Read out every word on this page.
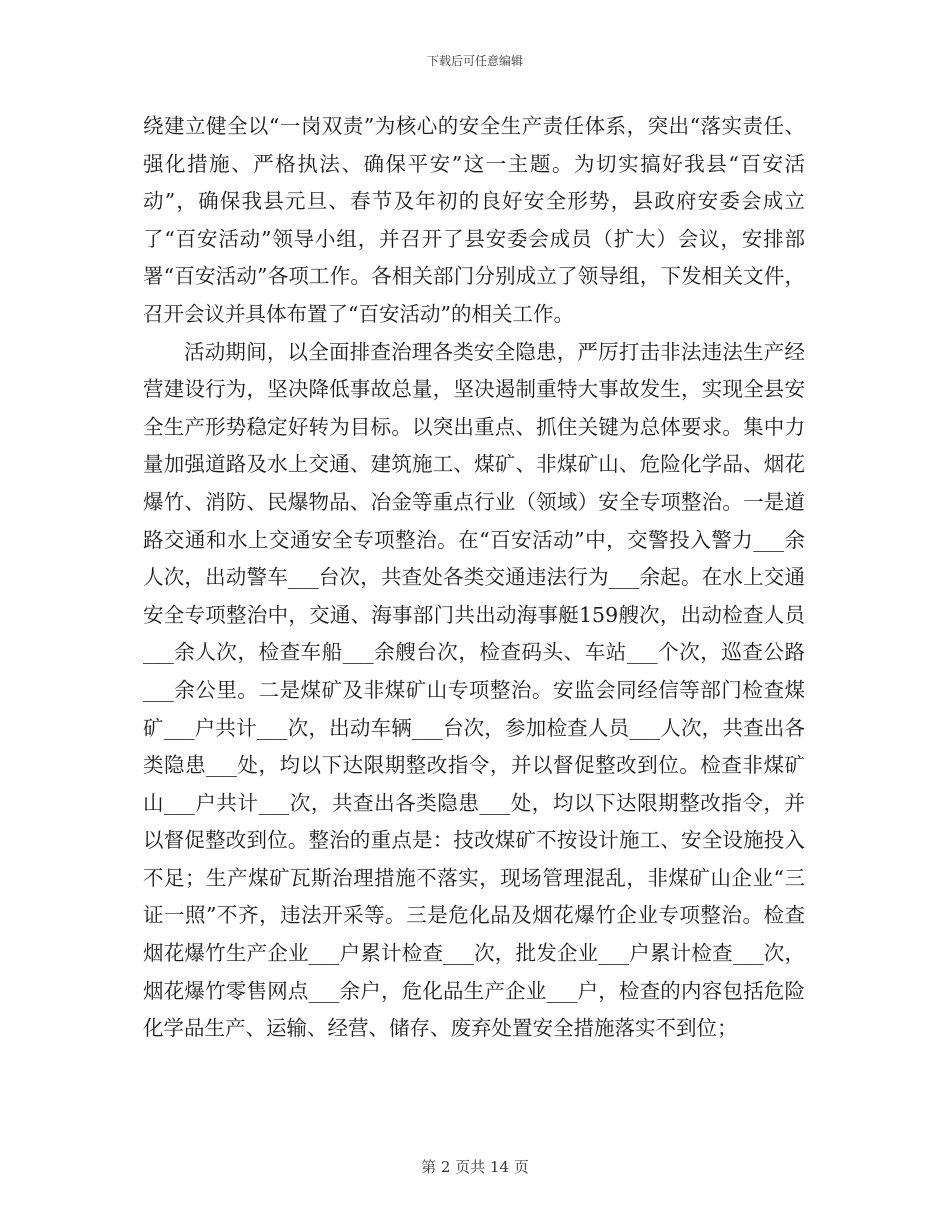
下载后可任意编辑

绕建立健全以“一岗双责”为核心的安全生产责任体系，突出“落实责任、强化措施、严格执法、确保平安”这一主题。为切实搞好我县“百安活动”，确保我县元旦、春节及年初的良好安全形势，县政府安委会成立了“百安活动”领导小组，并召开了县安委会成员（扩大）会议，安排部署“百安活动”各项工作。各相关部门分别成立了领导组，下发相关文件，召开会议并具体布置了“百安活动”的相关工作。

活动期间，以全面排查治理各类安全隐患，严厉打击非法违法生产经营建设行为，坚决降低事故总量，坚决遏制重特大事故发生，实现全县安全生产形势稳定好转为目标。以突出重点、抓住关键为总体要求。集中力量加强道路及水上交通、建筑施工、煤矿、非煤矿山、危险化学品、烟花爆竹、消防、民爆物品、冶金等重点行业（领域）安全专项整治。一是道路交通和水上交通安全专项整治。在“百安活动”中，交警投入警力___余人次，出动警车___台次，共查处各类交通违法行为___余起。在水上交通安全专项整治中，交通、海事部门共出动海事艇159艘次，出动检查人员___余人次，检查车船___余艘台次，检查码头、车站___个次，巡查公路___余公里。二是煤矿及非煤矿山专项整治。安监会同经信等部门检查煤矿___户共计___次，出动车辆___台次，参加检查人员___人次，共查出各类隐患___处，均以下达限期整改指令，并以督促整改到位。检查非煤矿山___户共计___次，共查出各类隐患___处，均以下达限期整改指令，并以督促整改到位。整治的重点是：技改煤矿不按设计施工、安全设施投入不足；生产煤矿瓦斯治理措施不落实，现场管理混乱，非煤矿山企业“三证一照”不齐，违法开采等。三是危化品及烟花爆竹企业专项整治。检查烟花爆竹生产企业___户累计检查___次，批发企业___户累计检查___次，烟花爆竹零售网点___余户，危化品生产企业___户，检查的内容包括危险化学品生产、运输、经营、储存、废弃处置安全措施落实不到位；

第 2 页共 14 页
